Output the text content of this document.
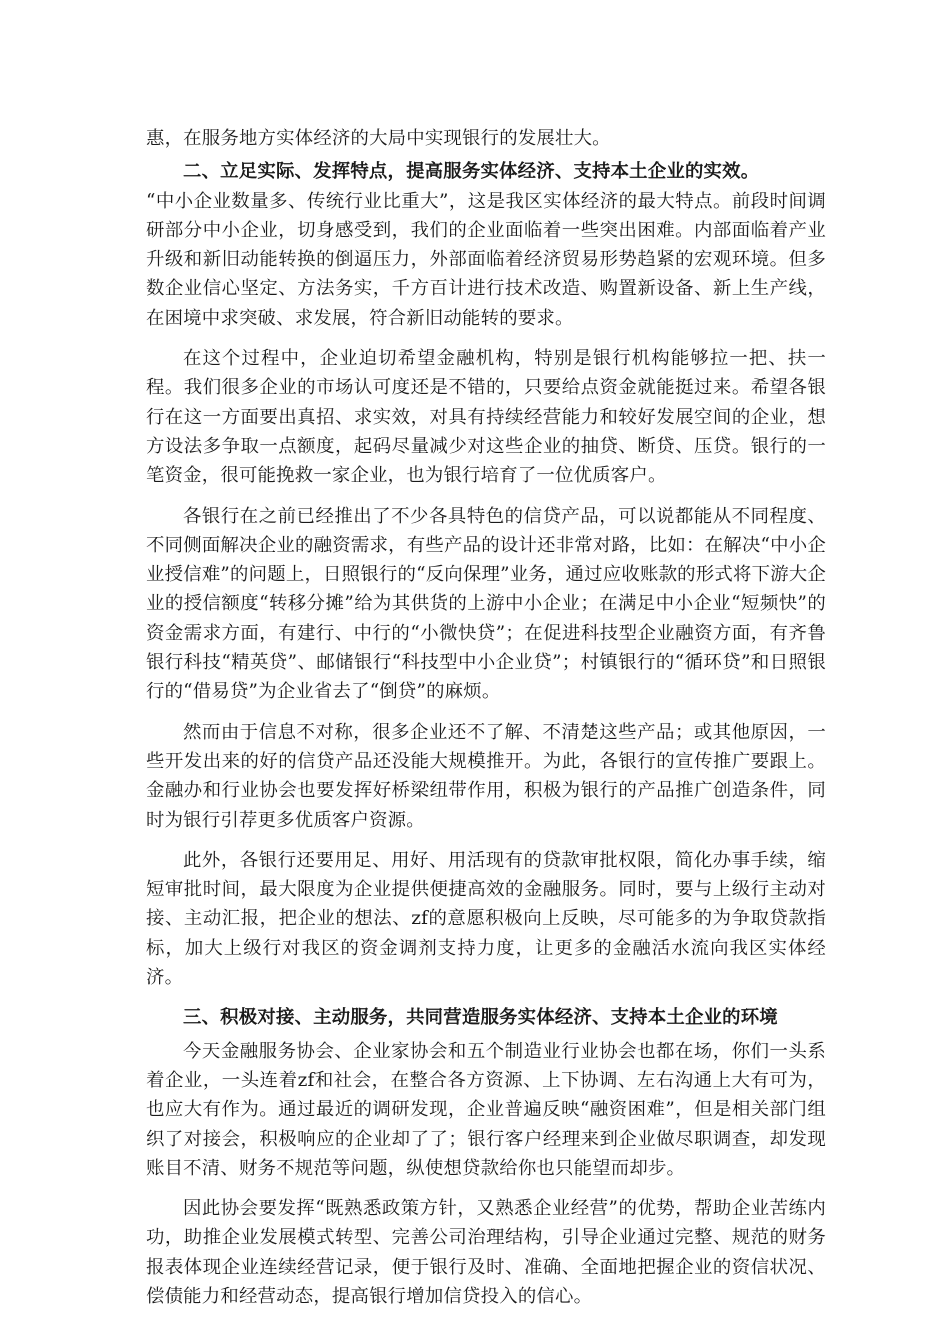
惠，在服务地方实体经济的大局中实现银行的发展壮大。

二、立足实际、发挥特点，提高服务实体经济、支持本土企业的实效。

“中小企业数量多、传统行业比重大”，这是我区实体经济的最大特点。前段时间调研部分中小企业，切身感受到，我们的企业面临着一些突出困难。内部面临着产业升级和新旧动能转换的倒逼压力，外部面临着经济贸易形势趋紧的宏观环境。但多数企业信心坚定、方法务实，千方百计进行技术改造、购置新设备、新上生产线，在困境中求突破、求发展，符合新旧动能转的要求。

在这个过程中，企业迫切希望金融机构，特别是银行机构能够拉一把、扶一程。我们很多企业的市场认可度还是不错的，只要给点资金就能挺过来。希望各银行在这一方面要出真招、求实效，对具有持续经营能力和较好发展空间的企业，想方设法多争取一点额度，起码尽量减少对这些企业的抽贷、断贷、压贷。银行的一笔资金，很可能挽救一家企业，也为银行培育了一位优质客户。

各银行在之前已经推出了不少各具特色的信贷产品，可以说都能从不同程度、不同侧面解决企业的融资需求，有些产品的设计还非常对路，比如：在解决“中小企业授信难”的问题上，日照银行的“反向保理”业务，通过应收账款的形式将下游大企业的授信额度“转移分摊”给为其供货的上游中小企业；在满足中小企业“短频快”的资金需求方面，有建行、中行的“小微快贷”；在促进科技型企业融资方面，有齐鲁银行科技“精英贷”、邮储银行“科技型中小企业贷”；村镇银行的“循环贷”和日照银行的“借易贷”为企业省去了“倒贷”的麻烦。

然而由于信息不对称，很多企业还不了解、不清楚这些产品；或其他原因，一些开发出来的好的信贷产品还没能大规模推开。为此，各银行的宣传推广要跟上。金融办和行业协会也要发挥好桥梁纽带作用，积极为银行的产品推广创造条件，同时为银行引荐更多优质客户资源。

此外，各银行还要用足、用好、用活现有的贷款审批权限，简化办事手续，缩短审批时间，最大限度为企业提供便捷高效的金融服务。同时，要与上级行主动对接、主动汇报，把企业的想法、zf的意愿积极向上反映，尽可能多的为争取贷款指标，加大上级行对我区的资金调剂支持力度，让更多的金融活水流向我区实体经济。

三、积极对接、主动服务，共同营造服务实体经济、支持本土企业的环境

今天金融服务协会、企业家协会和五个制造业行业协会也都在场，你们一头系着企业，一头连着zf和社会，在整合各方资源、上下协调、左右沟通上大有可为，也应大有作为。通过最近的调研发现，企业普遍反映“融资困难”，但是相关部门组织了对接会，积极响应的企业却了了；银行客户经理来到企业做尽职调查，却发现账目不清、财务不规范等问题，纵使想贷款给你也只能望而却步。

因此协会要发挥“既熟悉政策方针，又熟悉企业经营”的优势，帮助企业苦练内功，助推企业发展模式转型、完善公司治理结构，引导企业通过完整、规范的财务报表体现企业连续经营记录，便于银行及时、准确、全面地把握企业的资信状况、偿债能力和经营动态，提高银行增加信贷投入的信心。
